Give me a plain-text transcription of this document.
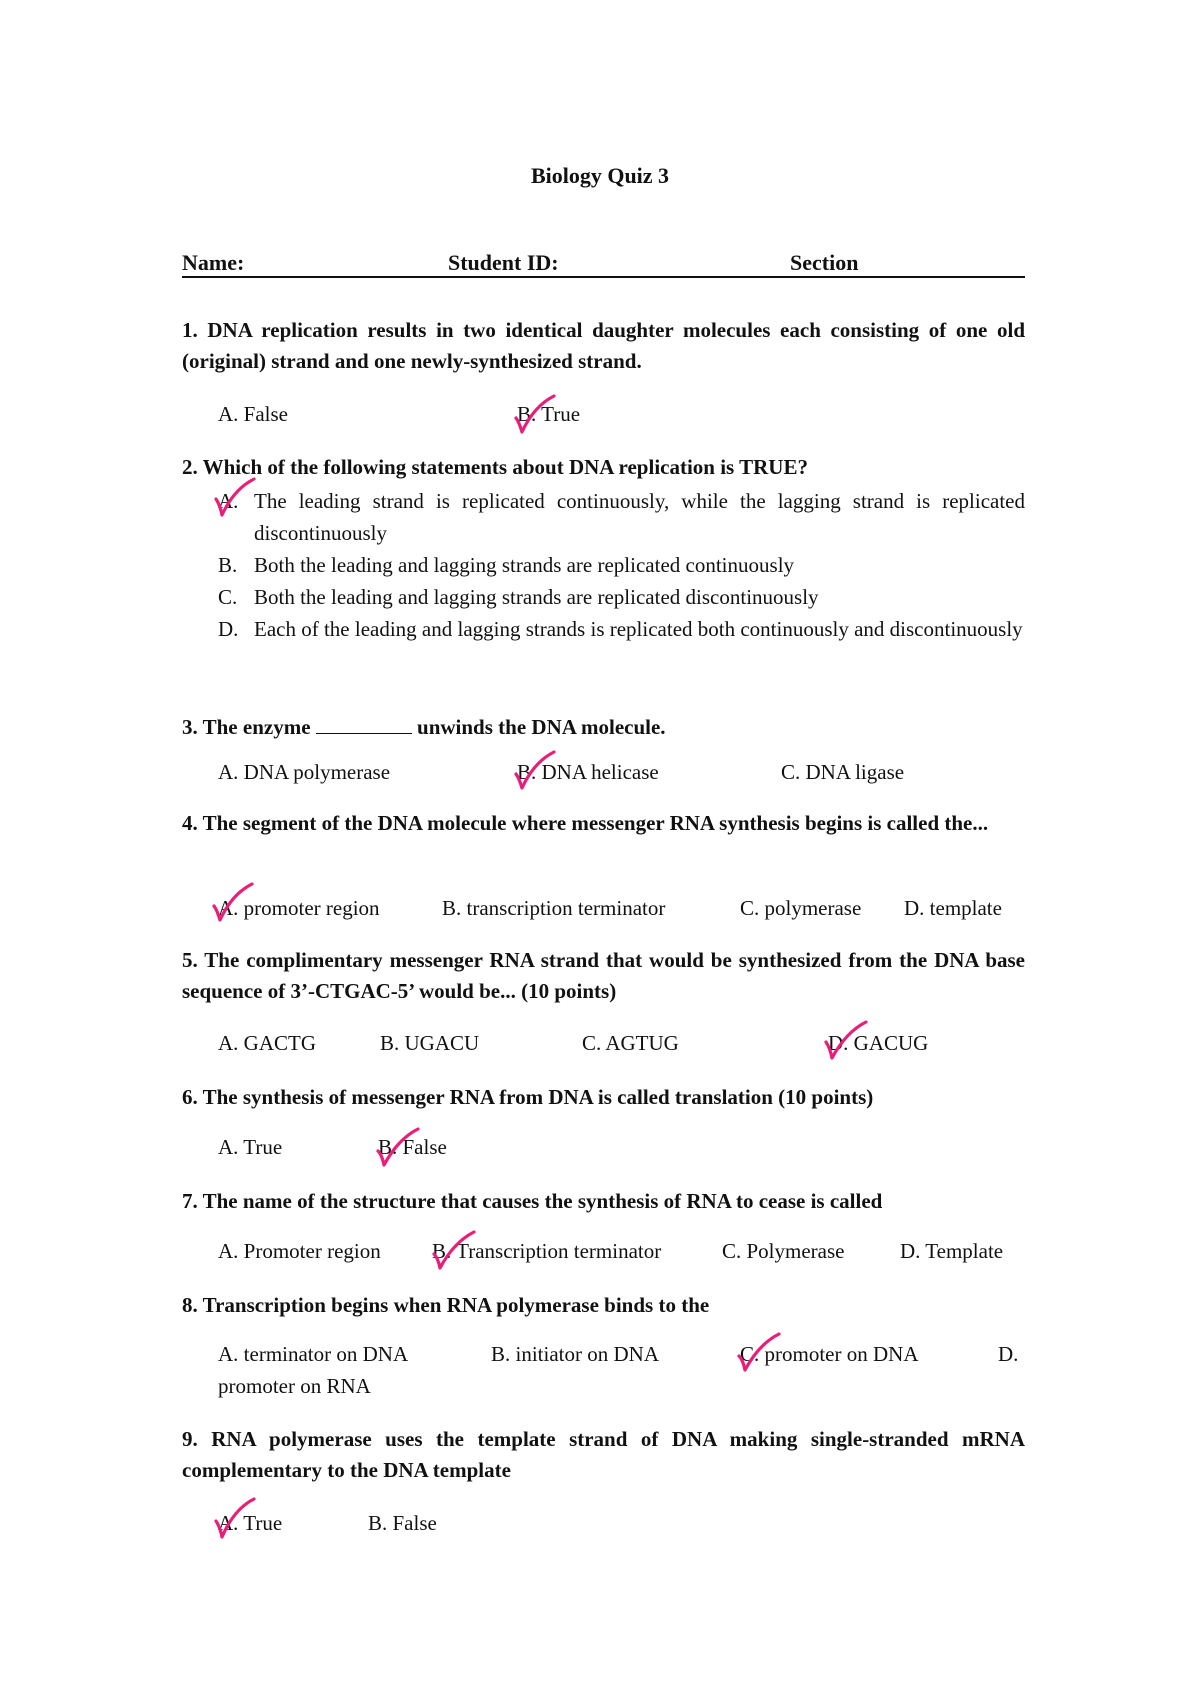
Biology Quiz 3
Name:	Student ID:	Section
1. DNA replication results in two identical daughter molecules each consisting of one old (original) strand and one newly-synthesized strand.
A. False	B. True
2. Which of the following statements about DNA replication is TRUE?
A. The leading strand is replicated continuously, while the lagging strand is replicated discontinuously
B. Both the leading and lagging strands are replicated continuously
C. Both the leading and lagging strands are replicated discontinuously
D. Each of the leading and lagging strands is replicated both continuously and discontinuously
3. The enzyme	unwinds the DNA molecule.
A. DNA polymerase	B. DNA helicase	C. DNA ligase
4. The segment of the DNA molecule where messenger RNA synthesis begins is called the...
A. promoter region	B. transcription terminator	C. polymerase D. template
5. The complimentary messenger RNA strand that would be synthesized from the DNA base sequence of 3’-CTGAC-5’ would be... (10 points)
A. GACTG	B. UGACU	C. AGTUG	D. GACUG
6. The synthesis of messenger RNA from DNA is called translation (10 points)
A. True	B. False
7. The name of the structure that causes the synthesis of RNA to cease is called
A. Promoter region B. Transcription terminator	C. Polymerase	D. Template
8. Transcription begins when RNA polymerase binds to the
A. terminator on DNA	B. initiator on DNA	C. promoter on DNA	D.
promoter on RNA
9. RNA polymerase uses the template strand of DNA making single-stranded mRNA complementary to the DNA template
A. True	B. False
